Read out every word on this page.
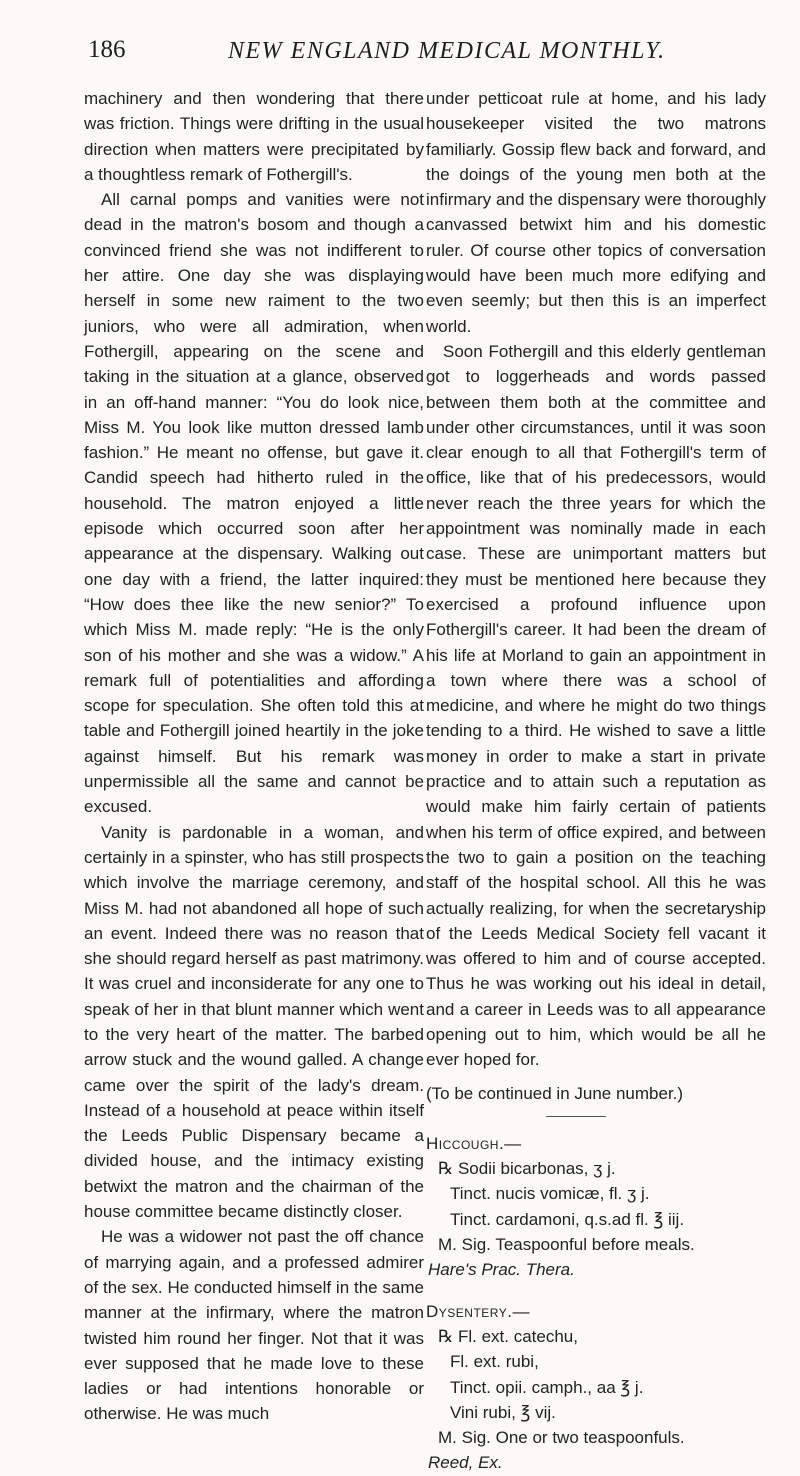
186	NEW ENGLAND MEDICAL MONTHLY.

machinery and then wondering that there was friction. Things were drifting in the usual direction when matters were precipitated by a thoughtless remark of Fothergill's.

All carnal pomps and vanities were not dead in the matron's bosom and though a convinced friend she was not indifferent to her attire. One day she was displaying herself in some new raiment to the two juniors, who were all admiration, when Fothergill, appearing on the scene and taking in the situation at a glance, observed in an off-hand manner: “You do look nice, Miss M. You look like mutton dressed lamb fashion.” He meant no offense, but gave it. Candid speech had hitherto ruled in the household. The matron enjoyed a little episode which occurred soon after her appearance at the dispensary. Walking out one day with a friend, the latter inquired: “How does thee like the new senior?” To which Miss M. made reply: “He is the only son of his mother and she was a widow.” A remark full of potentialities and affording scope for speculation. She often told this at table and Fothergill joined heartily in the joke against himself. But his remark was unpermissible all the same and cannot be excused.

Vanity is pardonable in a woman, and certainly in a spinster, who has still prospects which involve the marriage ceremony, and Miss M. had not abandoned all hope of such an event. Indeed there was no reason that she should regard herself as past matrimony. It was cruel and inconsiderate for any one to speak of her in that blunt manner which went to the very heart of the matter. The barbed arrow stuck and the wound galled. A change came over the spirit of the lady's dream. Instead of a household at peace within itself the Leeds Public Dispensary became a divided house, and the intimacy existing betwixt the matron and the chairman of the house committee became distinctly closer.

He was a widower not past the off chance of marrying again, and a professed admirer of the sex. He conducted himself in the same manner at the infirmary, where the matron twisted him round her finger. Not that it was ever supposed that he made love to these ladies or had intentions honorable or otherwise. He was much

under petticoat rule at home, and his lady housekeeper visited the two matrons familiarly. Gossip flew back and forward, and the doings of the young men both at the infirmary and the dispensary were thoroughly canvassed betwixt him and his domestic ruler. Of course other topics of conversation would have been much more edifying and even seemly; but then this is an imperfect world.

Soon Fothergill and this elderly gentleman got to loggerheads and words passed between them both at the committee and under other circumstances, until it was soon clear enough to all that Fothergill's term of office, like that of his predecessors, would never reach the three years for which the appointment was nominally made in each case. These are unimportant matters but they must be mentioned here because they exercised a profound influence upon Fothergill's career. It had been the dream of his life at Morland to gain an appointment in a town where there was a school of medicine, and where he might do two things tending to a third. He wished to save a little money in order to make a start in private practice and to attain such a reputation as would make him fairly certain of patients when his term of office expired, and between the two to gain a position on the teaching staff of the hospital school. All this he was actually realizing, for when the secretaryship of the Leeds Medical Society fell vacant it was offered to him and of course accepted. Thus he was working out his ideal in detail, and a career in Leeds was to all appearance opening out to him, which would be all he ever hoped for.

(To be continued in June number.)

Hiccough.—
℞ Sodii bicarbonas, ʒ j.
Tinct. nucis vomicæ, fl. ʒ j.
Tinct. cardamoni, q.s.ad fl. ℥ iij.
M. Sig. Teaspoonful before meals.
Hare's Prac. Thera.
Dysentery.—
℞ Fl. ext. catechu,
Fl. ext. rubi,
Tinct. opii. camph., aa ℥ j.
Vini rubi, ℥ vij.
M. Sig. One or two teaspoonfuls.
Reed, Ex.
